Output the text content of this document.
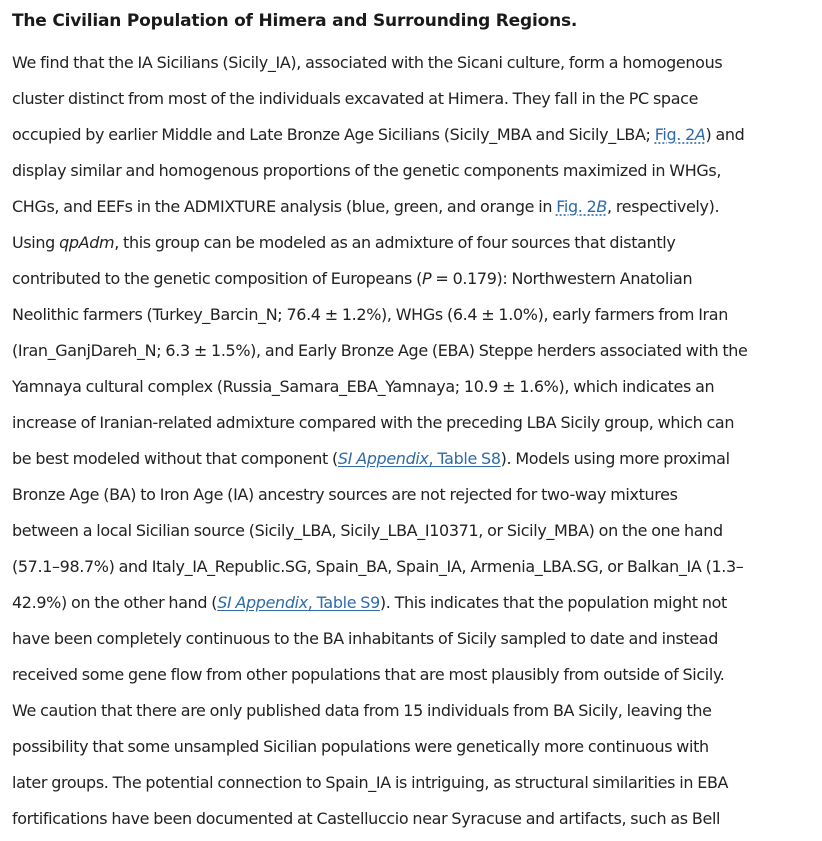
The Civilian Population of Himera and Surrounding Regions.

We find that the IA Sicilians (Sicily_IA), associated with the Sicani culture, form a homogenous
cluster distinct from most of the individuals excavated at Himera. They fall in the PC space
occupied by earlier Middle and Late Bronze Age Sicilians (Sicily_MBA and Sicily_LBA; Fig. 2A) and
display similar and homogenous proportions of the genetic components maximized in WHGs,
CHGs, and EEFs in the ADMIXTURE analysis (blue, green, and orange in Fig. 2B, respectively).
Using qpAdm, this group can be modeled as an admixture of four sources that distantly
contributed to the genetic composition of Europeans (P = 0.179): Northwestern Anatolian
Neolithic farmers (Turkey_Barcin_N; 76.4 ± 1.2%), WHGs (6.4 ± 1.0%), early farmers from Iran
(Iran_GanjDareh_N; 6.3 ± 1.5%), and Early Bronze Age (EBA) Steppe herders associated with the
Yamnaya cultural complex (Russia_Samara_EBA_Yamnaya; 10.9 ± 1.6%), which indicates an
increase of Iranian-related admixture compared with the preceding LBA Sicily group, which can
be best modeled without that component (SI Appendix, Table S8). Models using more proximal
Bronze Age (BA) to Iron Age (IA) ancestry sources are not rejected for two-way mixtures
between a local Sicilian source (Sicily_LBA, Sicily_LBA_I10371, or Sicily_MBA) on the one hand
(57.1–98.7%) and Italy_IA_Republic.SG, Spain_BA, Spain_IA, Armenia_LBA.SG, or Balkan_IA (1.3–
42.9%) on the other hand (SI Appendix, Table S9). This indicates that the population might not
have been completely continuous to the BA inhabitants of Sicily sampled to date and instead
received some gene flow from other populations that are most plausibly from outside of Sicily.
We caution that there are only published data from 15 individuals from BA Sicily, leaving the
possibility that some unsampled Sicilian populations were genetically more continuous with
later groups. The potential connection to Spain_IA is intriguing, as structural similarities in EBA
fortifications have been documented at Castelluccio near Syracuse and artifacts, such as Bell
